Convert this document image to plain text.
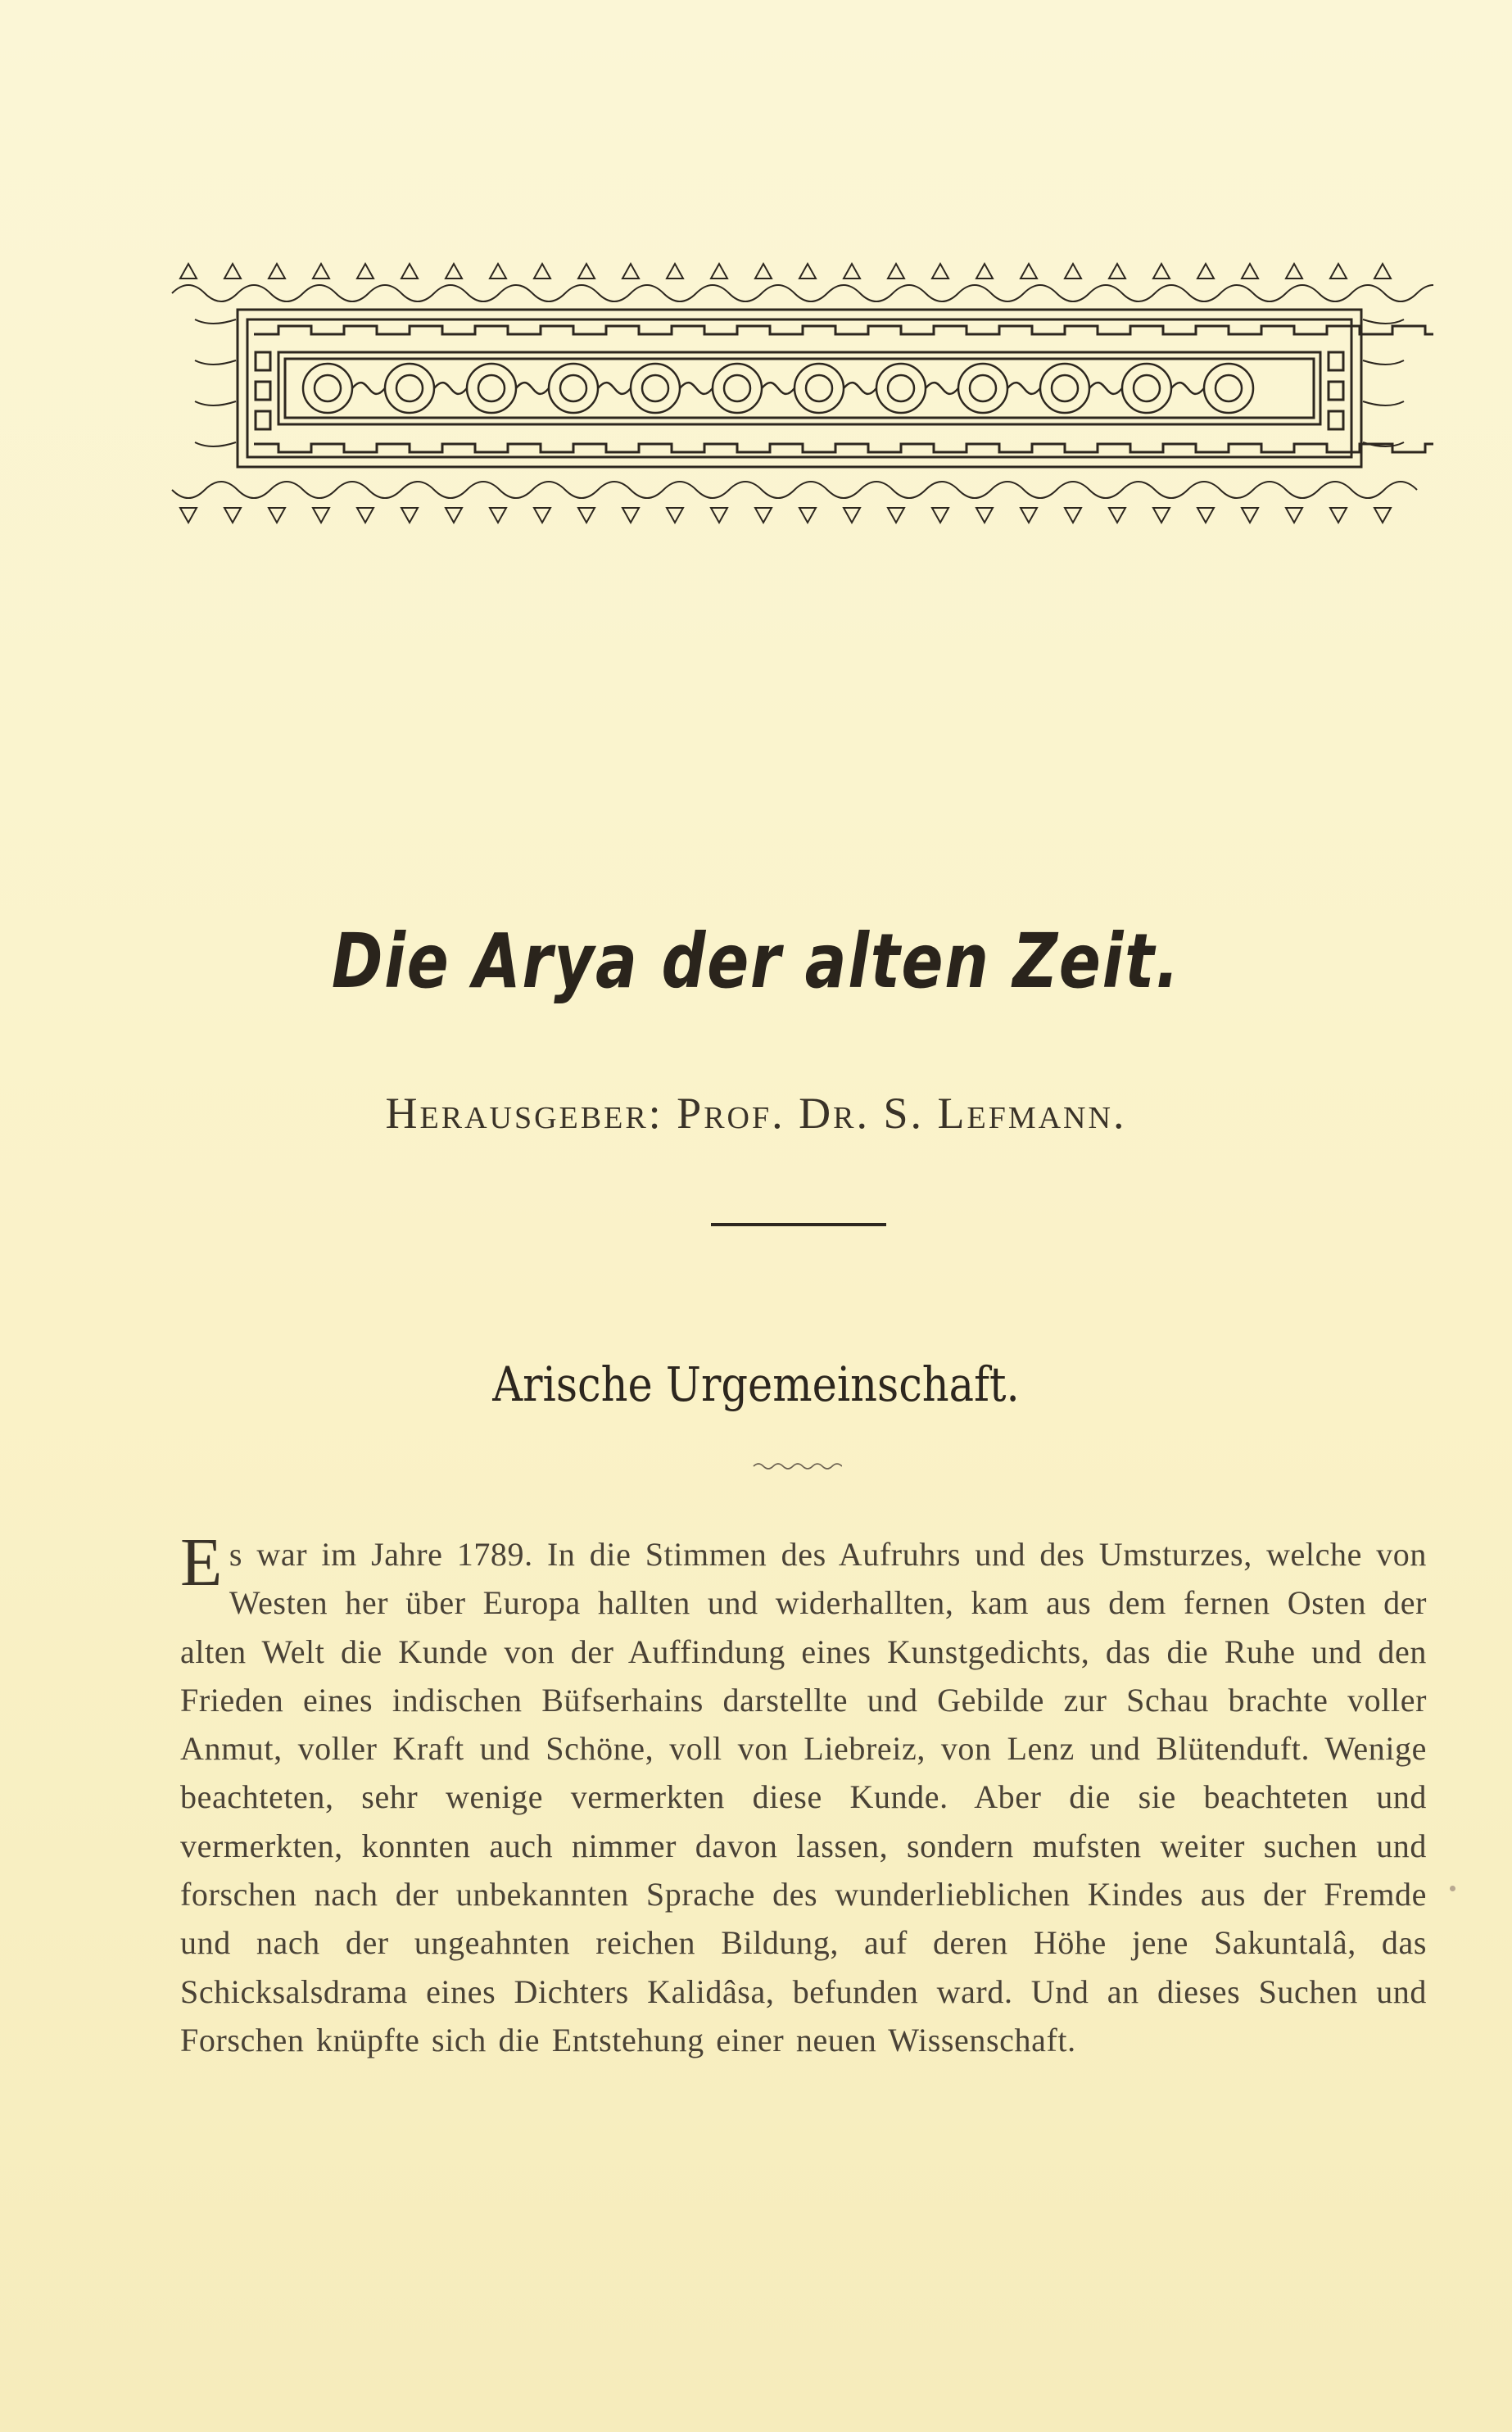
Die Arya der alten Zeit.
Herausgeber: Prof. Dr. S. Lefmann.
Arische Urgemeinschaft.

Es war im Jahre 1789. In die Stimmen des Aufruhrs und des Umsturzes, welche von Westen her über Europa hallten und widerhallten, kam aus dem fernen Osten der alten Welt die Kunde von der Auffindung eines Kunstgedichts, das die Ruhe und den Frieden eines indischen Büfserhains darstellte und Gebilde zur Schau brachte voller Anmut, voller Kraft und Schöne, voll von Liebreiz, von Lenz und Blütenduft. Wenige beachteten, sehr wenige vermerkten diese Kunde. Aber die sie beachteten und vermerkten, konnten auch nimmer davon lassen, sondern mufsten weiter suchen und forschen nach der unbekannten Sprache des wunderlieblichen Kindes aus der Fremde und nach der ungeahnten reichen Bildung, auf deren Höhe jene Sakuntalâ, das Schicksalsdrama eines Dichters Kalidâsa, befunden ward. Und an dieses Suchen und Forschen knüpfte sich die Entstehung einer neuen Wissenschaft.
